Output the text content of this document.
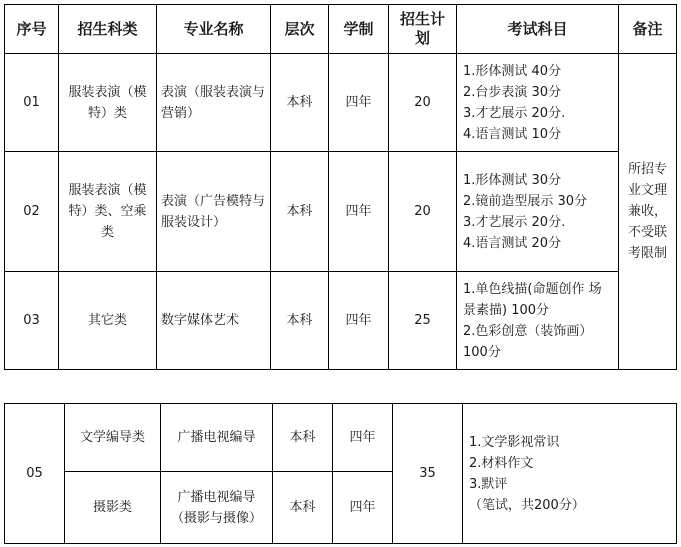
序号	招生科类	专业名称	层次	学制	招生计划	考试科目	备注
01	服装表演（模特）类	表演（服装表演与营销）	本科	四年	20	1.形体测试 40分
2.台步表演 30分
3.才艺展示 20分.
4.语言测试 10分	所招专业文理兼收，不受联考限制
02	服装表演（模特）类、空乘类	表演（广告模特与服装设计）	本科	四年	20	1.形体测试 30分
2.镜前造型展示 30分
3.才艺展示 20分.
4.语言测试 20分	

03	其它类	数字媒体艺术	本科	四年	25	1.单色线描(命题创作 场景素描) 100分
2.色彩创意（装饰画）100分	
05	文学编导类	广播电视编导	本科	四年	35	1.文学影视常识
2.材料作文
3.默评
（笔试，共200分）

	摄影类	广播电视编导（摄影与摄像）	本科	四年		
